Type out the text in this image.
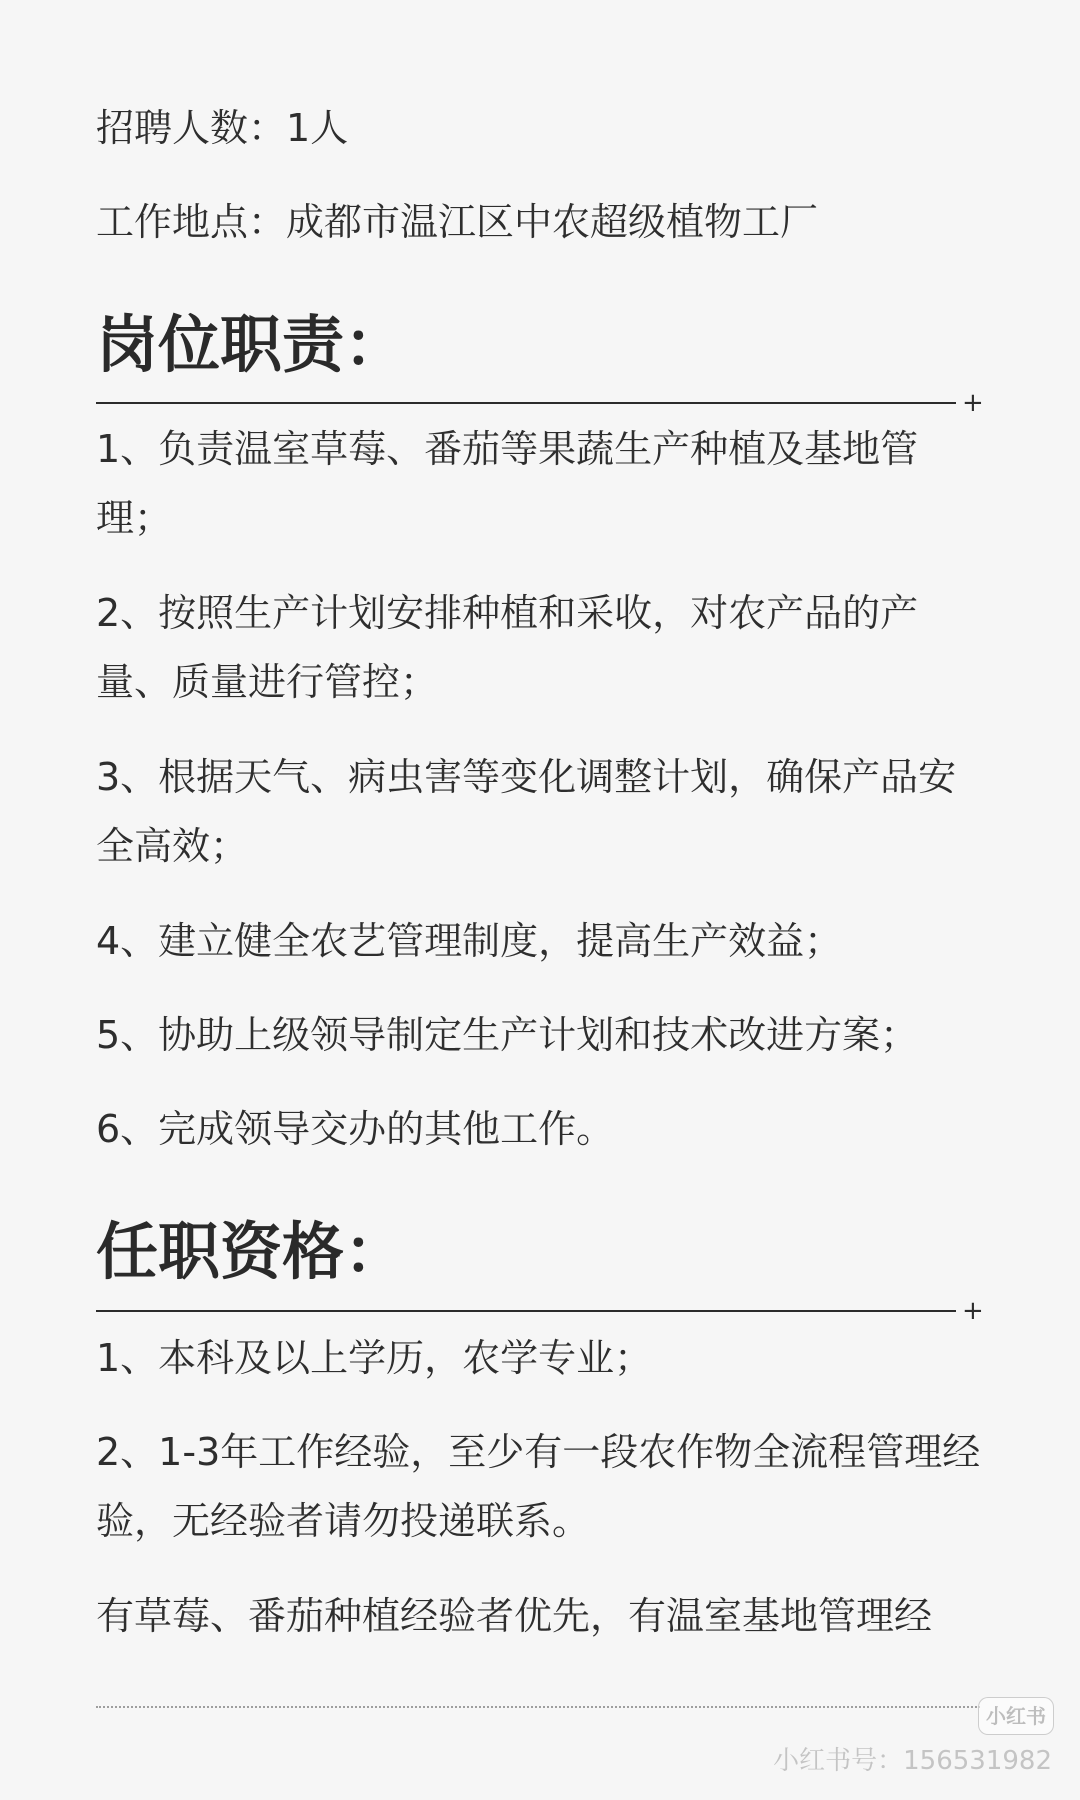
招聘人数：1人
工作地点：成都市温江区中农超级植物工厂
岗位职责：
+
1、负责温室草莓、番茄等果蔬生产种植及基地管理；
2、按照生产计划安排种植和采收，对农产品的产量、质量进行管控；
3、根据天气、病虫害等变化调整计划，确保产品安全高效；
4、建立健全农艺管理制度，提高生产效益；
5、协助上级领导制定生产计划和技术改进方案；
6、完成领导交办的其他工作。
任职资格：
+
1、本科及以上学历，农学专业；
2、1-3年工作经验，至少有一段农作物全流程管理经验，无经验者请勿投递联系。
有草莓、番茄种植经验者优先，有温室基地管理经
小红书
小红书号：156531982
